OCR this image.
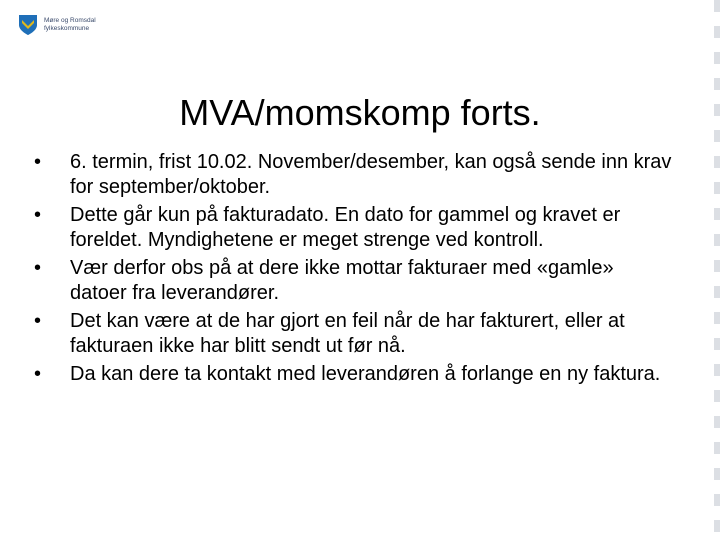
Møre og Romsdal
fylkeskommune
MVA/momskomp forts.
• 6. termin, frist 10.02. November/desember, kan også sende inn krav for september/oktober.
• Dette går kun på fakturadato. En dato for gammel og kravet er foreldet. Myndighetene er meget strenge ved kontroll.
• Vær derfor obs på at dere ikke mottar fakturaer med «gamle» datoer fra leverandører.
• Det kan være at de har gjort en feil når de har fakturert, eller at fakturaen ikke har blitt sendt ut før nå.
• Da kan dere ta kontakt med leverandøren å forlange en ny faktura.
